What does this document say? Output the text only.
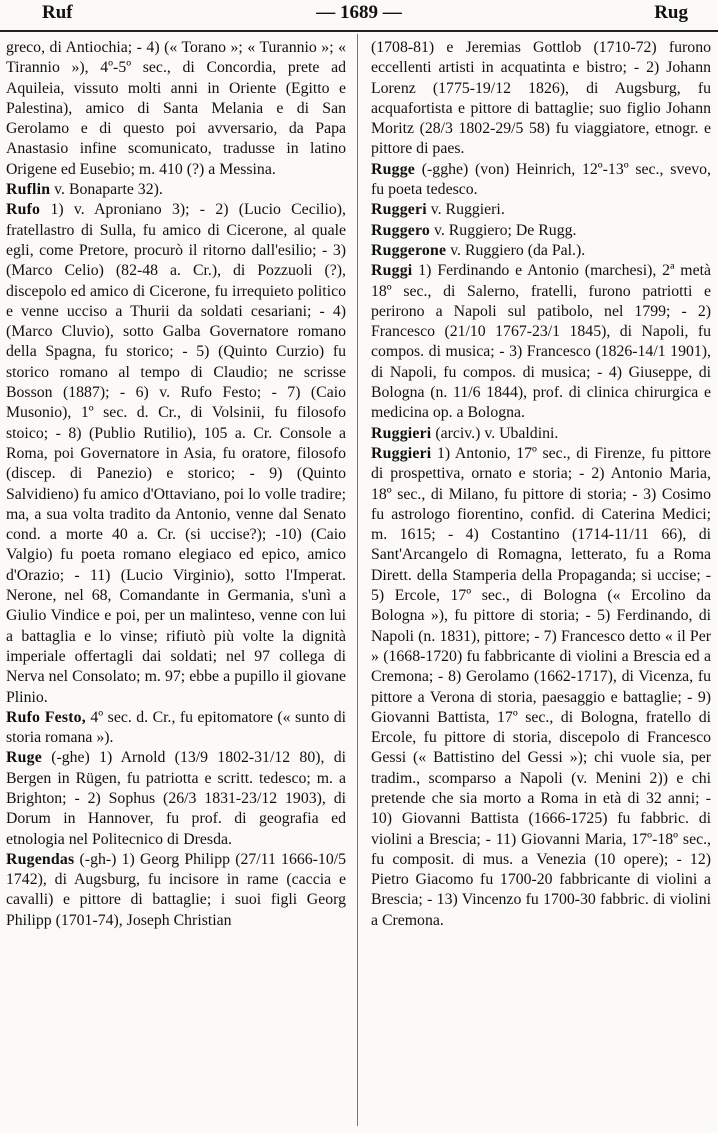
Ruf	— 1689 —	Rug

greco, di Antiochia; - 4) (« Torano »; « Turannio »; « Tirannio »), 4º-5º sec., di Concordia, prete ad Aquileia, vissuto molti anni in Oriente (Egitto e Palestina), amico di Santa Melania e di San Gerolamo e di questo poi avversario, da Papa Anastasio infine scomunicato, tradusse in latino Origene ed Eusebio; m. 410 (?) a Messina.

Ruflin v. Bonaparte 32).

Rufo 1) v. Aproniano 3); - 2) (Lucio Cecilio), fratellastro di Sulla, fu amico di Cicerone, al quale egli, come Pretore, procurò il ritorno dall'esilio; - 3) (Marco Celio) (82-48 a. Cr.), di Pozzuoli (?), discepolo ed amico di Cicerone, fu irrequieto politico e venne ucciso a Thurii da soldati cesariani; - 4) (Marco Cluvio), sotto Galba Governatore romano della Spagna, fu storico; - 5) (Quinto Curzio) fu storico romano al tempo di Claudio; ne scrisse Bosson (1887); - 6) v. Rufo Festo; - 7) (Caio Musonio), 1º sec. d. Cr., di Volsinii, fu filosofo stoico; - 8) (Publio Rutilio), 105 a. Cr. Console a Roma, poi Governatore in Asia, fu oratore, filosofo (discep. di Panezio) e storico; - 9) (Quinto Salvidieno) fu amico d'Ottaviano, poi lo volle tradire; ma, a sua volta tradito da Antonio, venne dal Senato cond. a morte 40 a. Cr. (si uccise?); -10) (Caio Valgio) fu poeta romano elegiaco ed epico, amico d'Orazio; - 11) (Lucio Virginio), sotto l'Imperat. Nerone, nel 68, Comandante in Germania, s'unì a Giulio Vindice e poi, per un malinteso, venne con lui a battaglia e lo vinse; rifiutò più volte la dignità imperiale offertagli dai soldati; nel 97 collega di Nerva nel Consolato; m. 97; ebbe a pupillo il giovane Plinio.

Rufo Festo, 4º sec. d. Cr., fu epitomatore (« sunto di storia romana »).

Ruge (-ghe) 1) Arnold (13/9 1802-31/12 80), di Bergen in Rügen, fu patriotta e scritt. tedesco; m. a Brighton; - 2) Sophus (26/3 1831-23/12 1903), di Dorum in Hannover, fu prof. di geografia ed etnologia nel Politecnico di Dresda.

Rugendas (-gh-) 1) Georg Philipp (27/11 1666-10/5 1742), di Augsburg, fu incisore in rame (caccia e cavalli) e pittore di battaglie; i suoi figli Georg Philipp (1701-74), Joseph Christian

(1708-81) e Jeremias Gottlob (1710-72) furono eccellenti artisti in acquatinta e bistro; - 2) Johann Lorenz (1775-19/12 1826), di Augsburg, fu acquafortista e pittore di battaglie; suo figlio Johann Moritz (28/3 1802-29/5 58) fu viaggiatore, etnogr. e pittore di paes.

Rugge (-gghe) (von) Heinrich, 12º-13º sec., svevo, fu poeta tedesco.

Ruggeri v. Ruggieri.

Ruggero v. Ruggiero; De Rugg.

Ruggerone v. Ruggiero (da Pal.).

Ruggi 1) Ferdinando e Antonio (marchesi), 2ª metà 18º sec., di Salerno, fratelli, furono patriotti e perirono a Napoli sul patibolo, nel 1799; - 2) Francesco (21/10 1767-23/1 1845), di Napoli, fu compos. di musica; - 3) Francesco (1826-14/1 1901), di Napoli, fu compos. di musica; - 4) Giuseppe, di Bologna (n. 11/6 1844), prof. di clinica chirurgica e medicina op. a Bologna.

Ruggieri (arciv.) v. Ubaldini.

Ruggieri 1) Antonio, 17º sec., di Firenze, fu pittore di prospettiva, ornato e storia; - 2) Antonio Maria, 18º sec., di Milano, fu pittore di storia; - 3) Cosimo fu astrologo fiorentino, confid. di Caterina Medici; m. 1615; - 4) Costantino (1714-11/11 66), di Sant'Arcangelo di Romagna, letterato, fu a Roma Dirett. della Stamperia della Propaganda; si uccise; - 5) Ercole, 17º sec., di Bologna (« Ercolino da Bologna »), fu pittore di storia; - 5) Ferdinando, di Napoli (n. 1831), pittore; - 7) Francesco detto « il Per » (1668-1720) fu fabbricante di violini a Brescia ed a Cremona; - 8) Gerolamo (1662-1717), di Vicenza, fu pittore a Verona di storia, paesaggio e battaglie; - 9) Giovanni Battista, 17º sec., di Bologna, fratello di Ercole, fu pittore di storia, discepolo di Francesco Gessi (« Battistino del Gessi »); chi vuole sia, per tradim., scomparso a Napoli (v. Menini 2)) e chi pretende che sia morto a Roma in età di 32 anni; - 10) Giovanni Battista (1666-1725) fu fabbric. di violini a Brescia; - 11) Giovanni Maria, 17º-18º sec., fu composit. di mus. a Venezia (10 opere); - 12) Pietro Giacomo fu 1700-20 fabbricante di violini a Brescia; - 13) Vincenzo fu 1700-30 fabbric. di violini a Cremona.
